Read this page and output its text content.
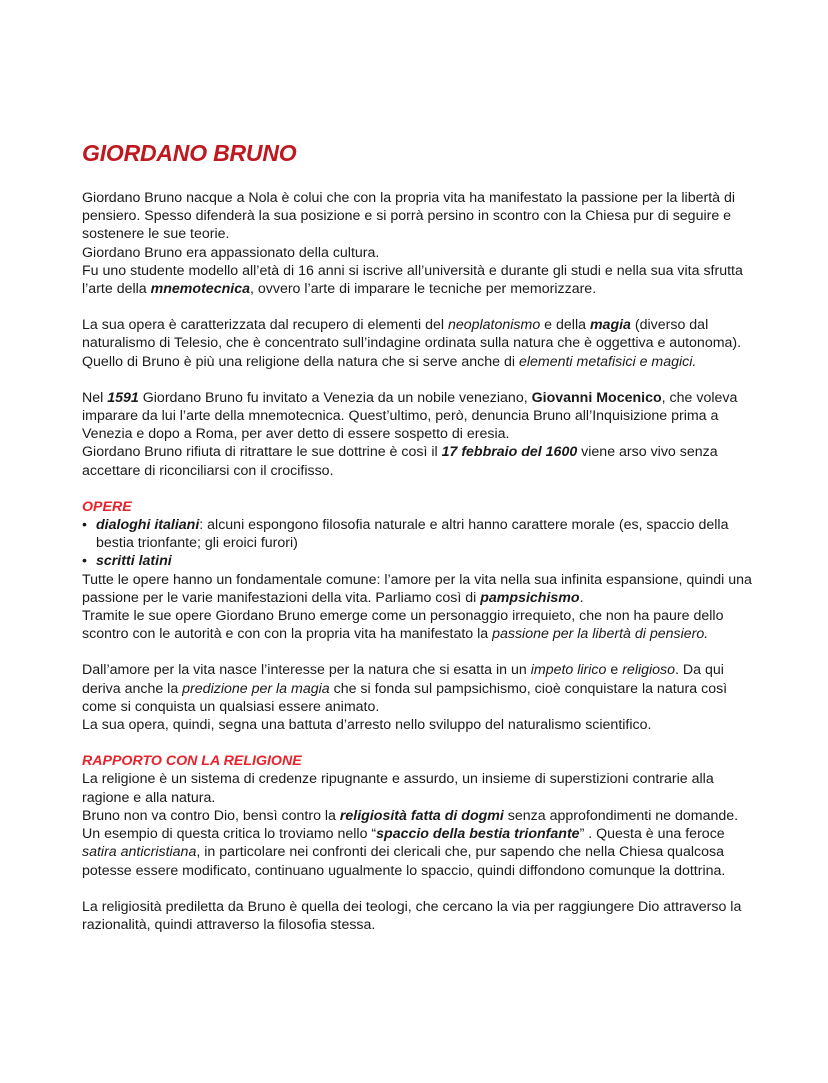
GIORDANO BRUNO

Giordano Bruno nacque a Nola è colui che con la propria vita ha manifestato la passione per la libertà di pensiero. Spesso difenderà la sua posizione e si porrà persino in scontro con la Chiesa pur di seguire e sostenere le sue teorie.

Giordano Bruno era appassionato della cultura.

Fu uno studente modello all’età di 16 anni si iscrive all’università e durante gli studi e nella sua vita sfrutta l’arte della mnemotecnica, ovvero l’arte di imparare le tecniche per memorizzare.

La sua opera è caratterizzata dal recupero di elementi del neoplatonismo e della magia (diverso dal naturalismo di Telesio, che è concentrato sull’indagine ordinata sulla natura che è oggettiva e autonoma). Quello di Bruno è più una religione della natura che si serve anche di elementi metafisici e magici.

Nel 1591 Giordano Bruno fu invitato a Venezia da un nobile veneziano, Giovanni Mocenico, che voleva imparare da lui l’arte della mnemotecnica. Quest’ultimo, però, denuncia Bruno all’Inquisizione prima a Venezia e dopo a Roma, per aver detto di essere sospetto di eresia.

Giordano Bruno rifiuta di ritrattare le sue dottrine è così il 17 febbraio del 1600 viene arso vivo senza accettare di riconciliarsi con il crocifisso.

OPERE

• dialoghi italiani: alcuni espongono filosofia naturale e altri hanno carattere morale (es, spaccio della bestia trionfante; gli eroici furori)
• scritti latini

Tutte le opere hanno un fondamentale comune: l’amore per la vita nella sua infinita espansione, quindi una passione per le varie manifestazioni della vita. Parliamo così di pampsichismo.

Tramite le sue opere Giordano Bruno emerge come un personaggio irrequieto, che non ha paure dello scontro con le autorità e con con la propria vita ha manifestato la passione per la libertà di pensiero.

Dall’amore per la vita nasce l’interesse per la natura che si esatta in un impeto lirico e religioso. Da qui deriva anche la predizione per la magia che si fonda sul pampsichismo, cioè conquistare la natura così come si conquista un qualsiasi essere animato.

La sua opera, quindi, segna una battuta d’arresto nello sviluppo del naturalismo scientifico.

RAPPORTO CON LA RELIGIONE

La religione è un sistema di credenze ripugnante e assurdo, un insieme di superstizioni contrarie alla ragione e alla natura.

Bruno non va contro Dio, bensì contro la religiosità fatta di dogmi senza approfondimenti ne domande. Un esempio di questa critica lo troviamo nello “spaccio della bestia trionfante” . Questa è una feroce satira anticristiana, in particolare nei confronti dei clericali che, pur sapendo che nella Chiesa qualcosa potesse essere modificato, continuano ugualmente lo spaccio, quindi diffondono comunque la dottrina.

La religiosità prediletta da Bruno è quella dei teologi, che cercano la via per raggiungere Dio attraverso la razionalità, quindi attraverso la filosofia stessa.
